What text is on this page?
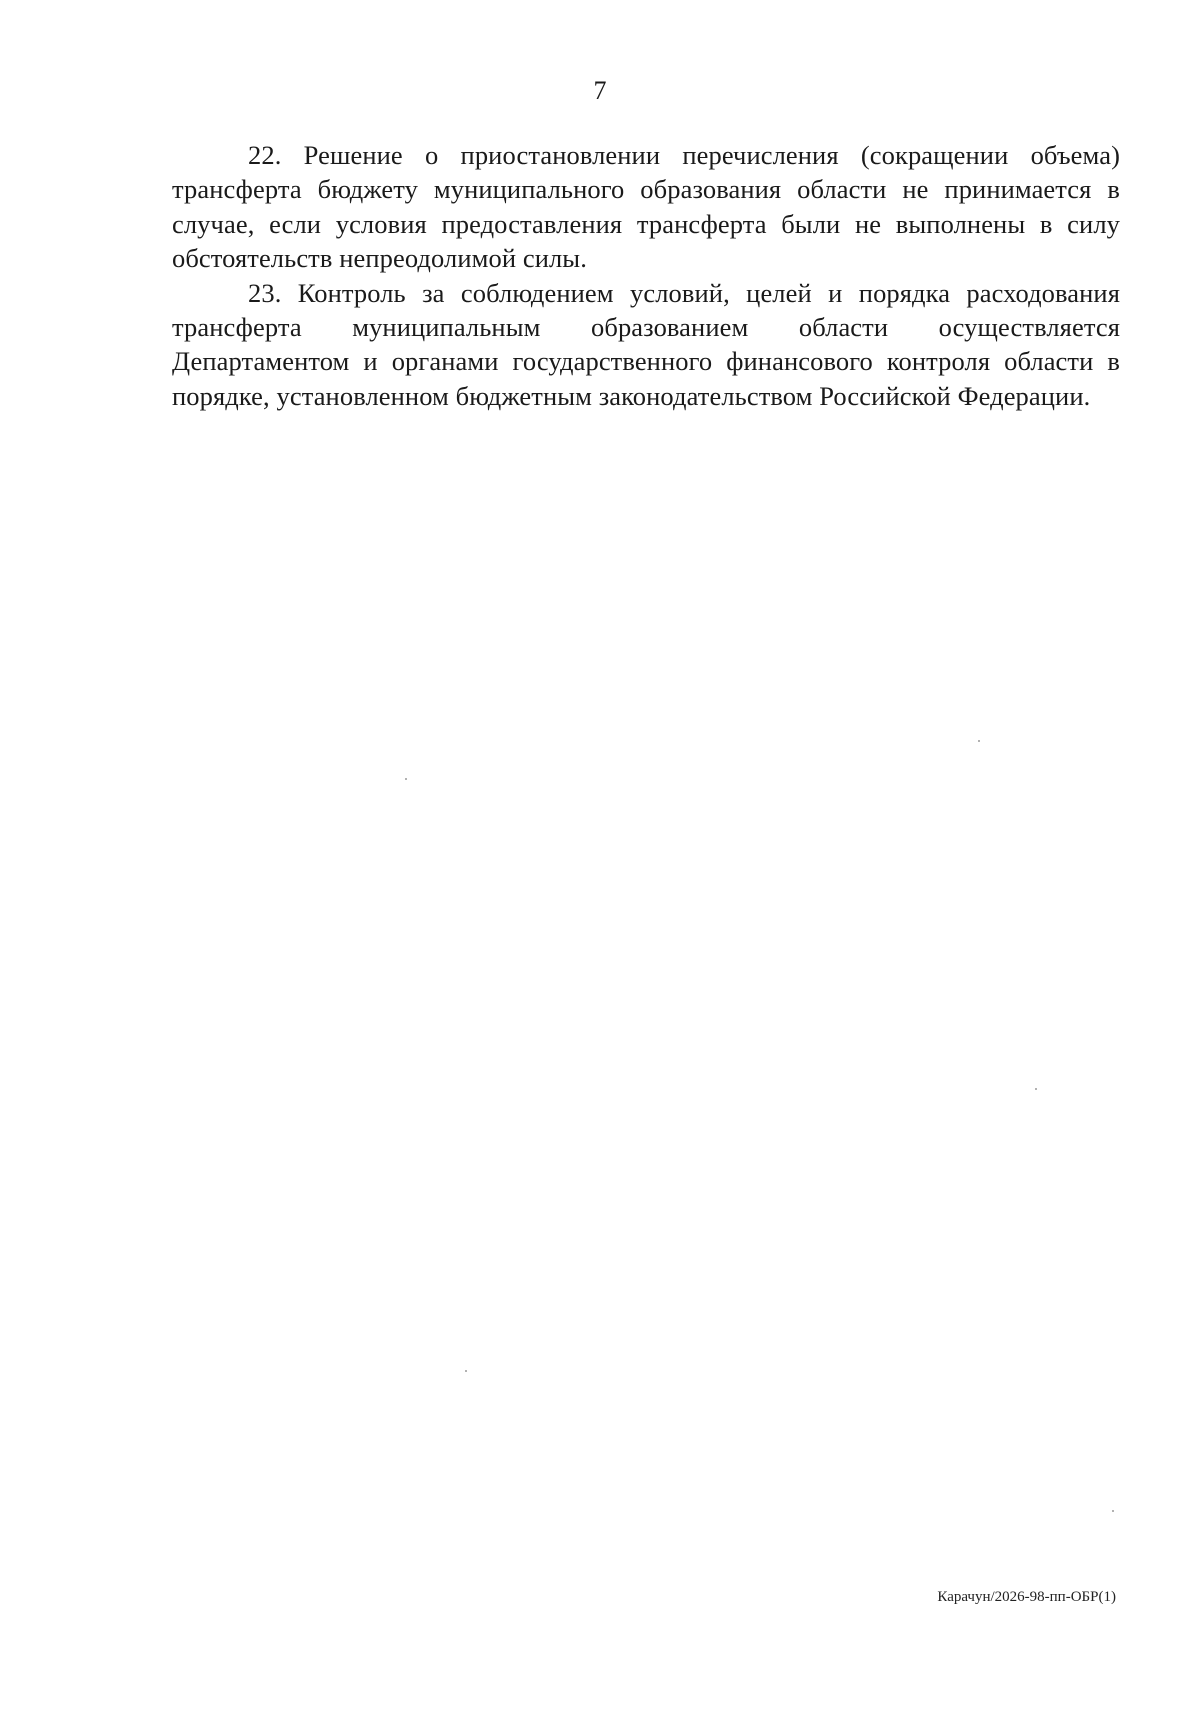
7

22. Решение о приостановлении перечисления (сокращении объема) трансферта бюджету муниципального образования области не принимается в случае, если условия предоставления трансферта были не выполнены в силу обстоятельств непреодолимой силы.

23. Контроль за соблюдением условий, целей и порядка расходования трансферта муниципальным образованием области осуществляется Департаментом и органами государственного финансового контроля области в порядке, установленном бюджетным законодательством Российской Федерации.

Карачун/2026-98-пп-ОБР(1)
